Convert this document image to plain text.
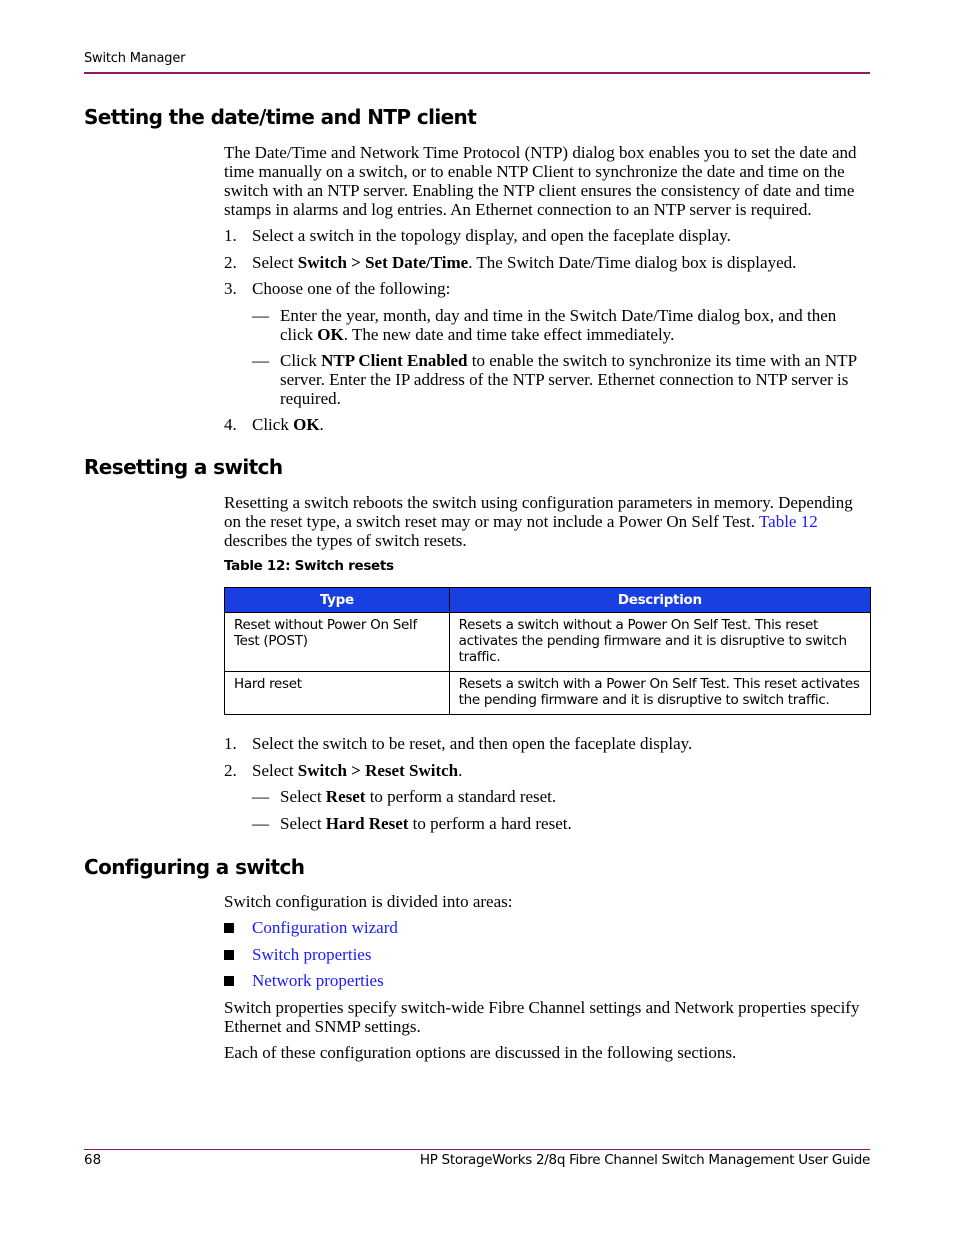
Switch Manager
Setting the date/time and NTP client

The Date/Time and Network Time Protocol (NTP) dialog box enables you to set the date and time manually on a switch, or to enable NTP Client to synchronize the date and time on the switch with an NTP server. Enabling the NTP client ensures the consistency of date and time stamps in alarms and log entries. An Ethernet connection to an NTP server is required.

1. Select a switch in the topology display, and open the faceplate display.
2. Select Switch > Set Date/Time. The Switch Date/Time dialog box is displayed.
3. Choose one of the following:
— Enter the year, month, day and time in the Switch Date/Time dialog box, and then click OK. The new date and time take effect immediately.
— Click NTP Client Enabled to enable the switch to synchronize its time with an NTP server. Enter the IP address of the NTP server. Ethernet connection to NTP server is required.
4. Click OK.
Resetting a switch

Resetting a switch reboots the switch using configuration parameters in memory. Depending on the reset type, a switch reset may or may not include a Power On Self Test. Table 12 describes the types of switch resets.

Table 12: Switch resets
Type	Description
Reset without Power On Self Test (POST)	Resets a switch without a Power On Self Test. This reset activates the pending firmware and it is disruptive to switch traffic.
Hard reset	Resets a switch with a Power On Self Test. This reset activates the pending firmware and it is disruptive to switch traffic.
1. Select the switch to be reset, and then open the faceplate display.
2. Select Switch > Reset Switch.
— Select Reset to perform a standard reset.
— Select Hard Reset to perform a hard reset.
Configuring a switch

Switch configuration is divided into areas:

Configuration wizard
Switch properties
Network properties

Switch properties specify switch-wide Fibre Channel settings and Network properties specify Ethernet and SNMP settings.

Each of these configuration options are discussed in the following sections.

68	HP StorageWorks 2/8q Fibre Channel Switch Management User Guide
